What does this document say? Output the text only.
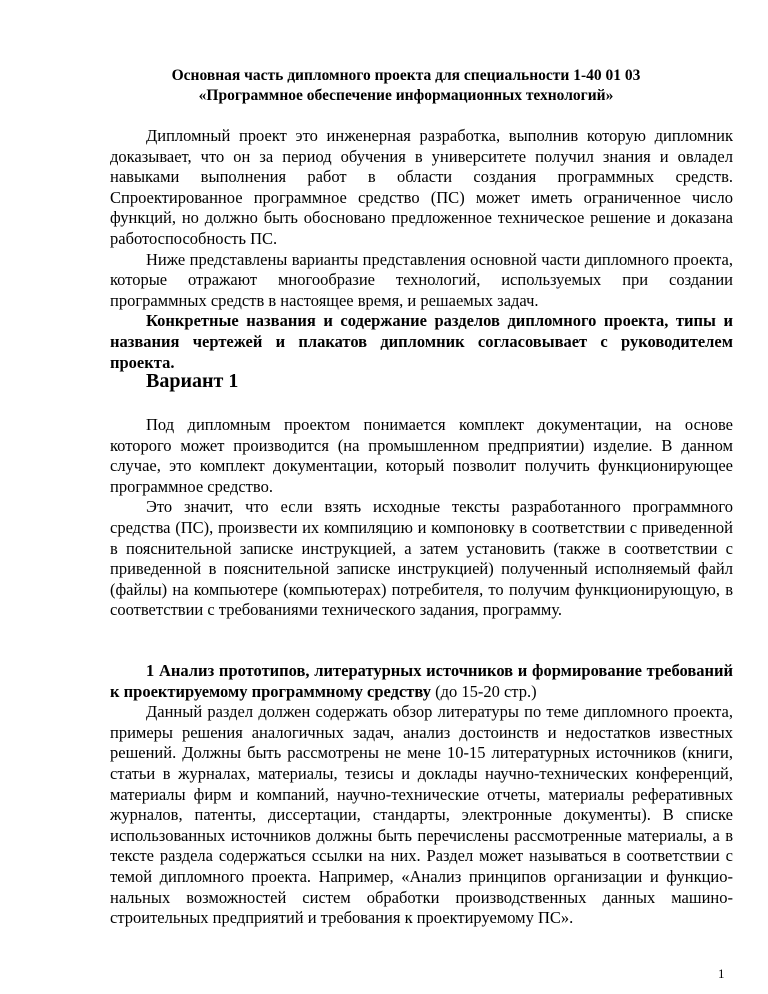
Основная часть дипломного проекта для специальности 1-40 01 03
«Программное обеспечение информационных технологий»

Дипломный проект это инженерная разработка, выполнив которую дипломник доказывает, что он за период обучения в университете получил знания и овладел навыками выполнения работ в области создания программных средств. Спроектированное программное средство (ПС) может иметь ограниченное число функций, но должно быть обосновано предложенное техническое решение и доказана работоспособность ПС.

Ниже представлены варианты представления основной части дипломного проекта, которые отражают многообразие технологий, используемых при создании программных средств в настоящее время, и решаемых задач.

Конкретные названия и содержание разделов дипломного проекта, типы и названия чертежей и плакатов дипломник согласовывает с руководителем проекта.

Вариант 1

Под дипломным проектом понимается комплект документации, на основе которого может производится (на промышленном предприятии) изделие. В данном случае, это комплект документации, который позволит получить функционирующее программное средство.

Это значит, что если взять исходные тексты разработанного программного средства (ПС), произвести их компиляцию и компоновку в соответствии с приведенной в пояснительной записке инструкцией, а затем установить (также в соответствии с приведенной в пояснительной записке инструкцией) полученный исполняемый файл (файлы) на компьютере (компьютерах) потребителя, то получим функционирующую, в соответствии с требованиями технического задания, программу.

1 Анализ прототипов, литературных источников и формирование требований к проектируемому программному средству (до 15-20 стр.)

Данный раздел должен содержать обзор литературы по теме дипломного проекта, примеры решения аналогичных задач, анализ достоинств и недостатков известных решений. Должны быть рассмотрены не мене 10-15 литературных источников (книги, статьи в журналах, материалы, тезисы и доклады научно-технических конференций, материалы фирм и компаний, научно-технические отчеты, материалы реферативных журналов, патенты, диссертации, стандарты, электронные документы). В списке использованных источников должны быть перечислены рассмотренные материалы, а в тексте раздела содержаться ссылки на них. Раздел может называться в соответствии с темой дипломного проекта. Например, «Анализ принципов организации и функциональных возможностей систем обработки производственных данных машиностроительных предприятий и требования к проектируемому ПС».

1
